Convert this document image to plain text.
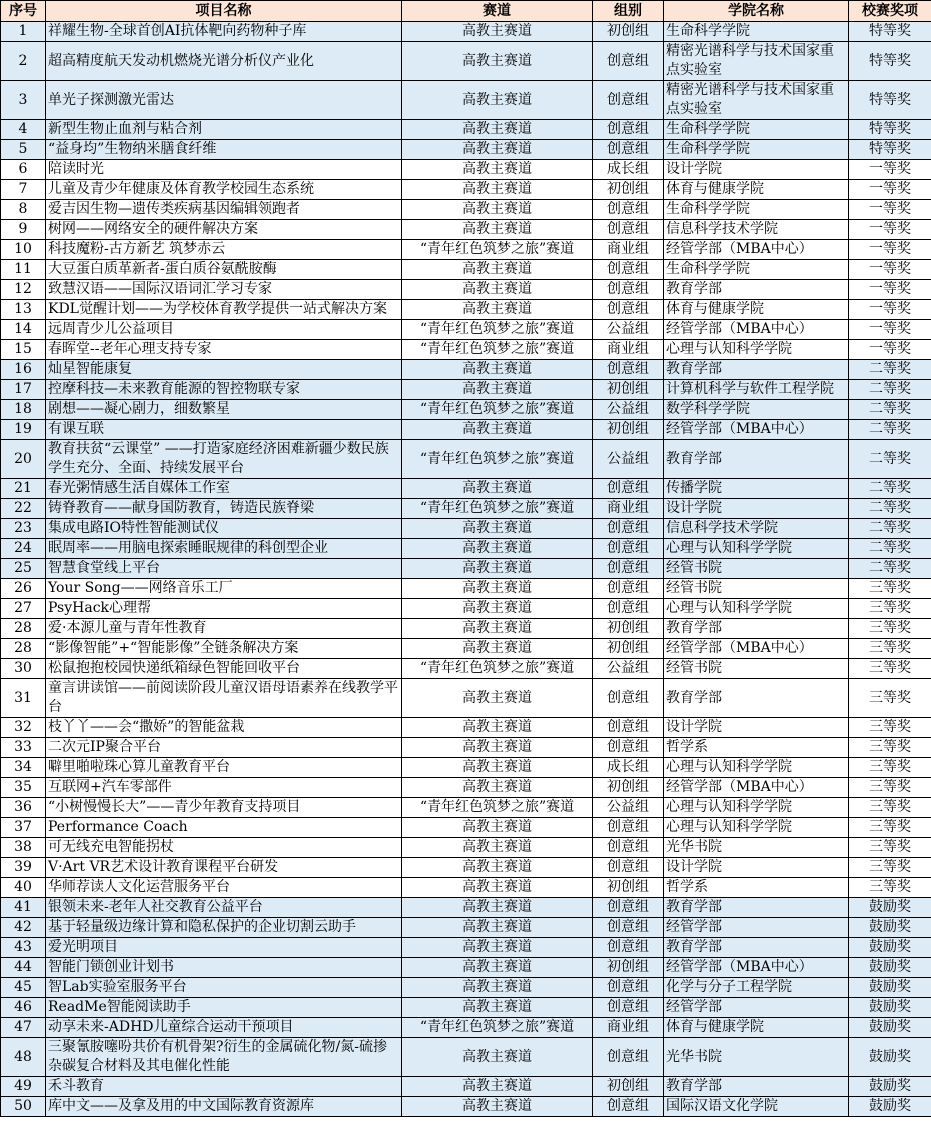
序号	项目名称	赛道	组别	学院名称	校赛奖项
1	祥耀生物-全球首创AI抗体靶向药物种子库	高教主赛道	初创组	生命科学学院	特等奖
2	超高精度航天发动机燃烧光谱分析仪产业化	高教主赛道	创意组	精密光谱科学与技术国家重点实验室	特等奖
3	单光子探测激光雷达	高教主赛道	创意组	精密光谱科学与技术国家重点实验室	特等奖
4	新型生物止血剂与粘合剂	高教主赛道	创意组	生命科学学院	特等奖
5	“益身均”生物纳米膳食纤维	高教主赛道	创意组	生命科学学院	特等奖
6	陪读时光	高教主赛道	成长组	设计学院	一等奖
7	儿童及青少年健康及体育教学校园生态系统	高教主赛道	初创组	体育与健康学院	一等奖
8	爱吉因生物—遗传类疾病基因编辑领跑者	高教主赛道	创意组	生命科学学院	一等奖
9	树网——网络安全的硬件解决方案	高教主赛道	创意组	信息科学技术学院	一等奖
10	科技魔粉-古方新艺 筑梦赤云	“青年红色筑梦之旅”赛道	商业组	经管学部（MBA中心）	一等奖
11	大豆蛋白质革新者-蛋白质谷氨酰胺酶	高教主赛道	创意组	生命科学学院	一等奖
12	致慧汉语——国际汉语词汇学习专家	高教主赛道	创意组	教育学部	一等奖
13	KDL觉醒计划——为学校体育教学提供一站式解决方案	高教主赛道	创意组	体育与健康学院	一等奖
14	远周青少儿公益项目	“青年红色筑梦之旅”赛道	公益组	经管学部（MBA中心）	一等奖
15	春晖堂--老年心理支持专家	“青年红色筑梦之旅”赛道	商业组	心理与认知科学学院	一等奖
16	灿星智能康复	高教主赛道	创意组	教育学部	二等奖
17	控摩科技—未来教育能源的智控物联专家	高教主赛道	初创组	计算机科学与软件工程学院	二等奖
18	剧想——凝心剧力，细数繁星	“青年红色筑梦之旅”赛道	公益组	数学科学学院	二等奖
19	有课互联	高教主赛道	初创组	经管学部（MBA中心）	二等奖
20	教育扶贫“云课堂” ——打造家庭经济困难新疆少数民族学生充分、全面、持续发展平台	“青年红色筑梦之旅”赛道	公益组	教育学部	二等奖
21	春光粥情感生活自媒体工作室	高教主赛道	创意组	传播学院	二等奖
22	铸脊教育——献身国防教育，铸造民族脊梁	“青年红色筑梦之旅”赛道	商业组	设计学院	二等奖
23	集成电路IO特性智能测试仪	高教主赛道	创意组	信息科学技术学院	二等奖
24	眠周率——用脑电探索睡眠规律的科创型企业	高教主赛道	创意组	心理与认知科学学院	二等奖
25	智慧食堂线上平台	高教主赛道	创意组	经管书院	二等奖
26	Your Song——网络音乐工厂	高教主赛道	创意组	经管书院	三等奖
27	PsyHack心理帮	高教主赛道	创意组	心理与认知科学学院	三等奖
28	爱·本源儿童与青年性教育	高教主赛道	初创组	教育学部	三等奖
28	“影像智能”+“智能影像”全链条解决方案	高教主赛道	初创组	经管学部（MBA中心）	三等奖
30	松鼠抱抱校园快递纸箱绿色智能回收平台	“青年红色筑梦之旅”赛道	公益组	经管书院	三等奖
31	童言讲读馆——前阅读阶段儿童汉语母语素养在线教学平台	高教主赛道	创意组	教育学部	三等奖
32	枝丫丫——会“撒娇”的智能盆栽	高教主赛道	创意组	设计学院	三等奖
33	二次元IP聚合平台	高教主赛道	创意组	哲学系	三等奖
34	噼里啪啦珠心算儿童教育平台	高教主赛道	成长组	心理与认知科学学院	三等奖
35	互联网+汽车零部件	高教主赛道	初创组	经管学部（MBA中心）	三等奖
36	“小树慢慢长大”——青少年教育支持项目	“青年红色筑梦之旅”赛道	公益组	心理与认知科学学院	三等奖
37	Performance Coach	高教主赛道	创意组	心理与认知科学学院	三等奖
38	可无线充电智能拐杖	高教主赛道	创意组	光华书院	三等奖
39	V·Art VR艺术设计教育课程平台研发	高教主赛道	创意组	设计学院	三等奖
40	华师荐读人文化运营服务平台	高教主赛道	初创组	哲学系	三等奖
41	银领未来-老年人社交教育公益平台	高教主赛道	创意组	教育学部	鼓励奖
42	基于轻量级边缘计算和隐私保护的企业切割云助手	高教主赛道	创意组	经管学部	鼓励奖
43	爱光明项目	高教主赛道	创意组	教育学部	鼓励奖
44	智能门锁创业计划书	高教主赛道	初创组	经管学部（MBA中心）	鼓励奖
45	智Lab实验室服务平台	高教主赛道	创意组	化学与分子工程学院	鼓励奖
46	ReadMe智能阅读助手	高教主赛道	创意组	经管学部	鼓励奖
47	动享未来-ADHD儿童综合运动干预项目	“青年红色筑梦之旅”赛道	商业组	体育与健康学院	鼓励奖
48	三聚氰胺噻吩共价有机骨架?衍生的金属硫化物/氮-硫掺杂碳复合材料及其电催化性能	高教主赛道	创意组	光华书院	鼓励奖
49	禾斗教育	高教主赛道	初创组	教育学部	鼓励奖
50	库中文——及拿及用的中文国际教育资源库	高教主赛道	创意组	国际汉语文化学院	鼓励奖
